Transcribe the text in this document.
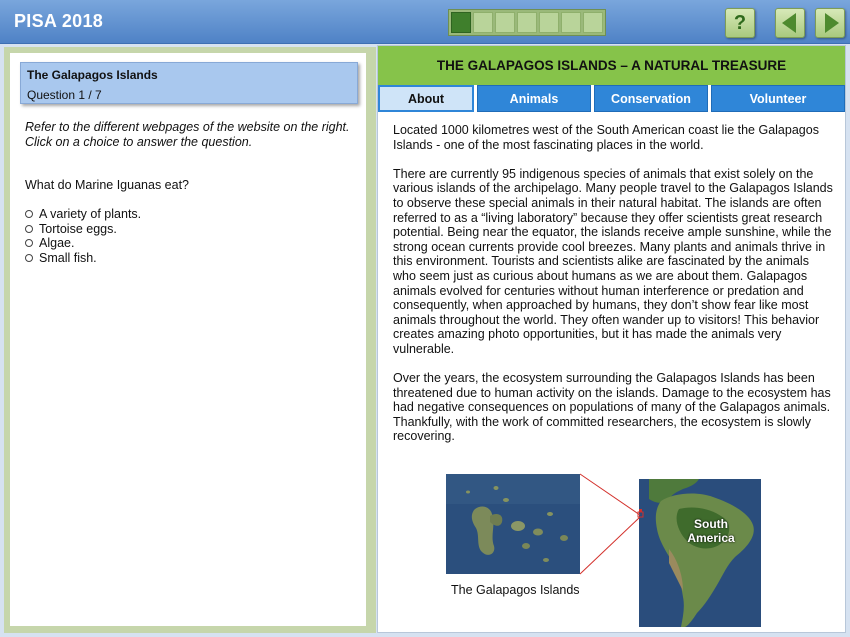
PISA 2018	?
The Galapagos Islands
Question 1 / 7
Refer to the different webpages of the website on the right. Click on a choice to answer the question.
What do Marine Iguanas eat?
A variety of plants.
Tortoise eggs.
Algae.
Small fish.
THE GALAPAGOS ISLANDS – A NATURAL TREASURE
About	Animals	Conservation	Volunteer

Located 1000 kilometres west of the South American coast lie the Galapagos Islands - one of the most fascinating places in the world.

There are currently 95 indigenous species of animals that exist solely on the various islands of the archipelago. Many people travel to the Galapagos Islands to observe these special animals in their natural habitat. The islands are often referred to as a “living laboratory” because they offer scientists great research potential. Being near the equator, the islands receive ample sunshine, while the strong ocean currents provide cool breezes. Many plants and animals thrive in this environment. Tourists and scientists alike are fascinated by the animals who seem just as curious about humans as we are about them. Galapagos animals evolved for centuries without human interference or predation and consequently, when approached by humans, they don’t show fear like most animals throughout the world. They often wander up to visitors! This behavior creates amazing photo opportunities, but it has made the animals very vulnerable.

Over the years, the ecosystem surrounding the Galapagos Islands has been threatened due to human activity on the islands. Damage to the ecosystem has had negative consequences on populations of many of the Galapagos animals. Thankfully, with the work of committed researchers, the ecosystem is slowly recovering.

South America
The Galapagos Islands
